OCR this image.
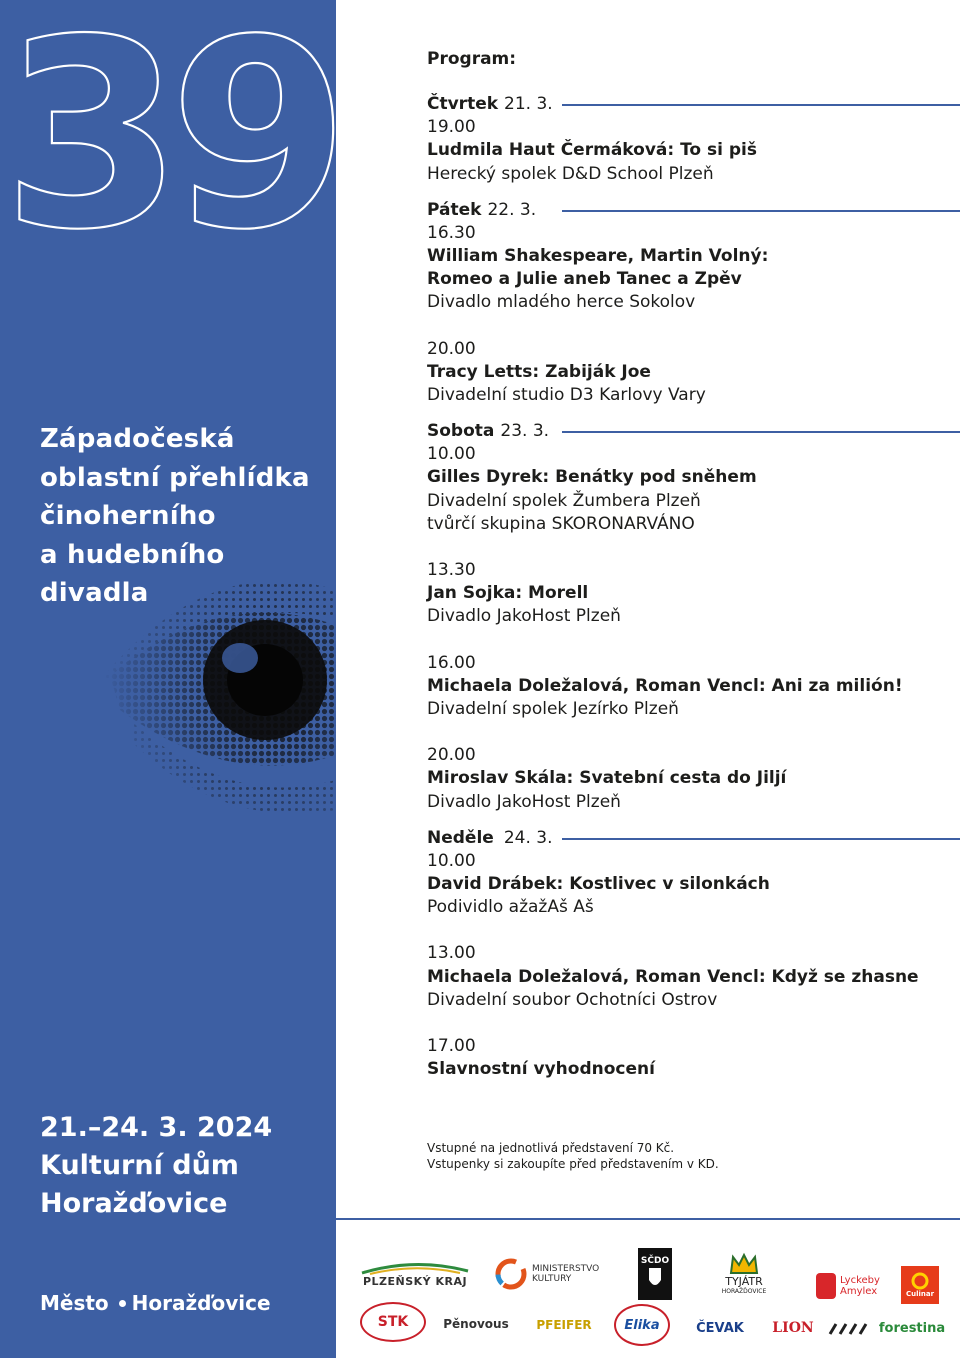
39.
Západočeská
oblastní přehlídka
činoherního
a hudebního
divadla
21.–24. 3. 2024
Kulturní dům
Horažďovice
Město Horažďovice
Program:
Čtvrtek 21. 3.
19.00
Ludmila Haut Čermáková: To si piš
Herecký spolek D&D School Plzeň
Pátek 22. 3.
16.30
William Shakespeare, Martin Volný:
Romeo a Julie aneb Tanec a Zpěv
Divadlo mladého herce Sokolov
20.00
Tracy Letts: Zabiják Joe
Divadelní studio D3 Karlovy Vary
Sobota 23. 3.
10.00
Gilles Dyrek: Benátky pod sněhem
Divadelní spolek Žumbera Plzeň
tvůrčí skupina SKORONARVÁNO
13.30
Jan Sojka: Morell
Divadlo JakoHost Plzeň
16.00
Michaela Doležalová, Roman Vencl: Ani za milión!
Divadelní spolek Jezírko Plzeň
20.00
Miroslav Skála: Svatební cesta do Jiljí
Divadlo JakoHost Plzeň
Neděle 24. 3.
10.00
David Drábek: Kostlivec v silonkách
Podividlo ažažAš Aš
13.00
Michaela Doležalová, Roman Vencl: Když se zhasne
Divadelní soubor Ochotníci Ostrov
17.00
Slavnostní vyhodnocení
Vstupné na jednotlivá představení 70 Kč.
Vstupenky si zakoupíte před představením v KD.
PLZEŇSKÝ KRAJ
MINISTERSTVO
KULTURY
SČDO
TYJÁTR
HORAŽĎOVICE
Lyckeby
Amylex	Culinar
STK	Pěnovous PFEIFER	Elika	ČEVAK LION	forestina
